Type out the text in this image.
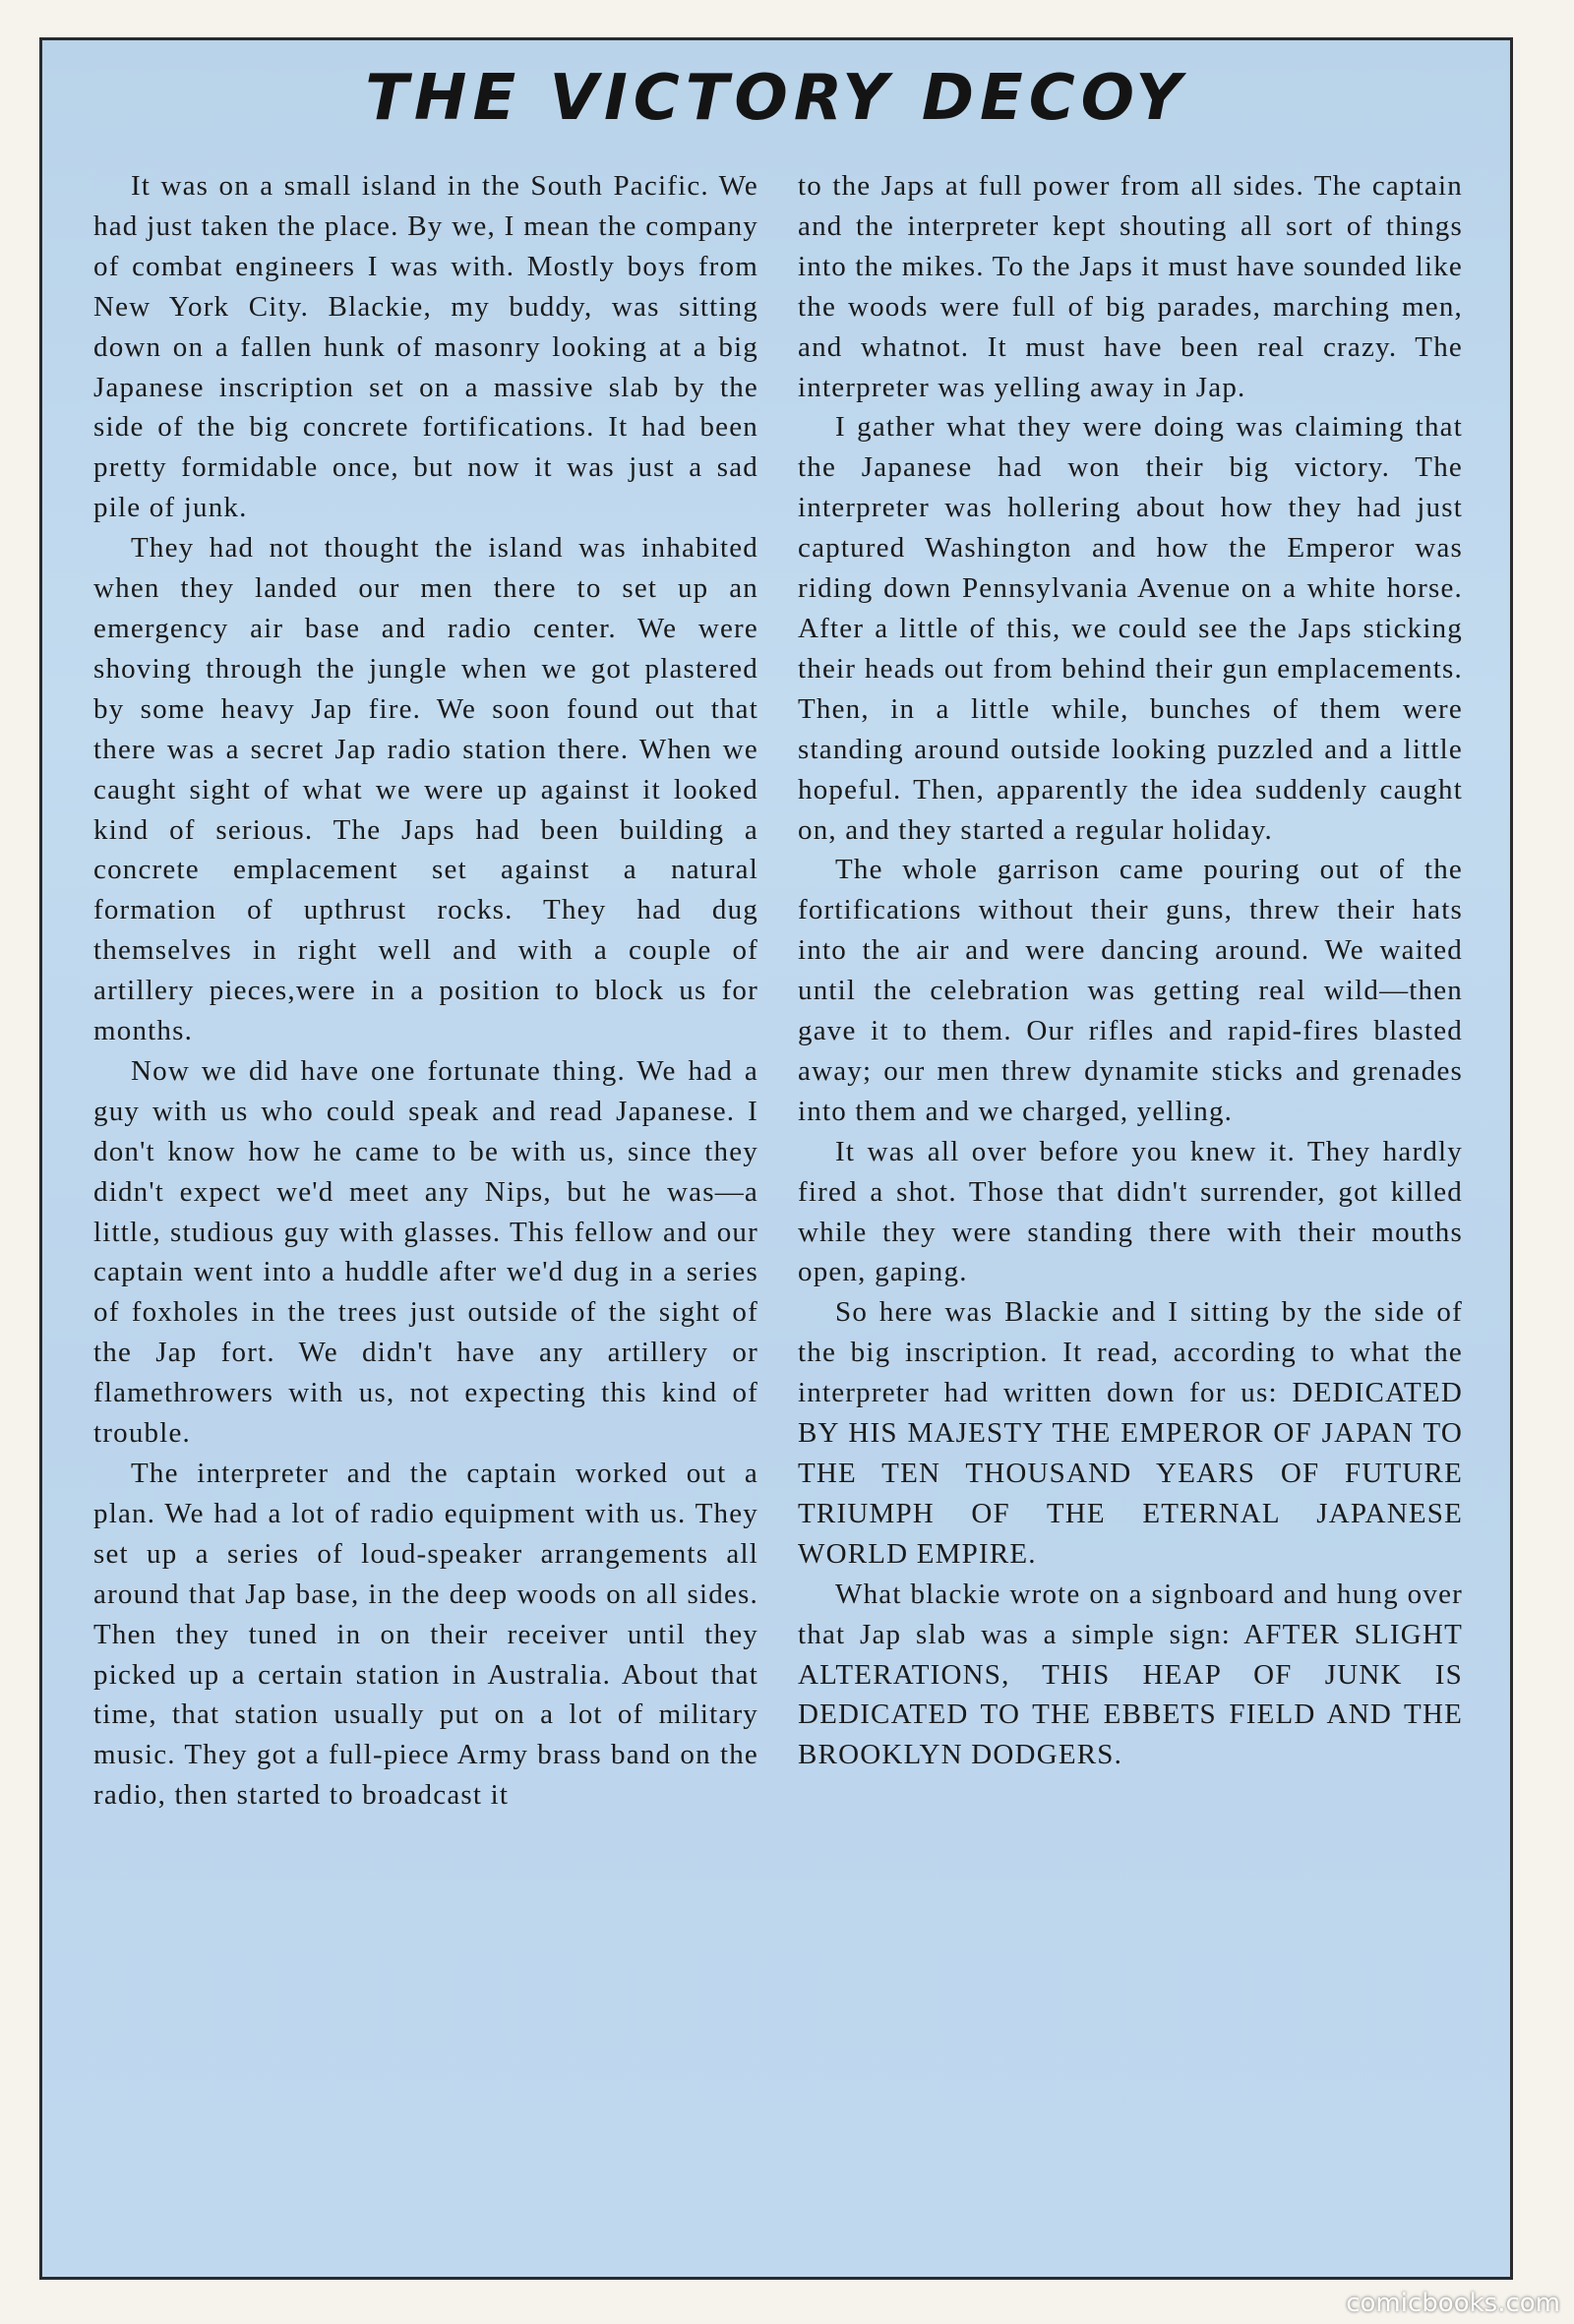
THE VICTORY DECOY

It was on a small island in the South Pacific. We had just taken the place. By we, I mean the company of combat engineers I was with. Mostly boys from New York City. Blackie, my buddy, was sitting down on a fallen hunk of masonry looking at a big Japanese inscription set on a massive slab by the side of the big concrete fortifications. It had been pretty formidable once, but now it was just a sad pile of junk.

They had not thought the island was inhabited when they landed our men there to set up an emergency air base and radio center. We were shoving through the jungle when we got plastered by some heavy Jap fire. We soon found out that there was a secret Jap radio station there. When we caught sight of what we were up against it looked kind of serious. The Japs had been building a concrete emplacement set against a natural formation of upthrust rocks. They had dug themselves in right well and with a couple of artillery pieces,were in a position to block us for months.

Now we did have one fortunate thing. We had a guy with us who could speak and read Japanese. I don't know how he came to be with us, since they didn't expect we'd meet any Nips, but he was—a little, studious guy with glasses. This fellow and our captain went into a huddle after we'd dug in a series of foxholes in the trees just outside of the sight of the Jap fort. We didn't have any artillery or flamethrowers with us, not expecting this kind of trouble.

The interpreter and the captain worked out a plan. We had a lot of radio equipment with us. They set up a series of loud-speaker arrangements all around that Jap base, in the deep woods on all sides. Then they tuned in on their receiver until they picked up a certain station in Australia. About that time, that station usually put on a lot of military music. They got a full-piece Army brass band on the radio, then started to broadcast it

to the Japs at full power from all sides. The captain and the interpreter kept shouting all sort of things into the mikes. To the Japs it must have sounded like the woods were full of big parades, marching men, and whatnot. It must have been real crazy. The interpreter was yelling away in Jap.

I gather what they were doing was claiming that the Japanese had won their big victory. The interpreter was hollering about how they had just captured Washington and how the Emperor was riding down Pennsylvania Avenue on a white horse. After a little of this, we could see the Japs sticking their heads out from behind their gun emplacements. Then, in a little while, bunches of them were standing around outside looking puzzled and a little hopeful. Then, apparently the idea suddenly caught on, and they started a regular holiday.

The whole garrison came pouring out of the fortifications without their guns, threw their hats into the air and were dancing around. We waited until the celebration was getting real wild—then gave it to them. Our rifles and rapid-fires blasted away; our men threw dynamite sticks and grenades into them and we charged, yelling.

It was all over before you knew it. They hardly fired a shot. Those that didn't surrender, got killed while they were standing there with their mouths open, gaping.

So here was Blackie and I sitting by the side of the big inscription. It read, according to what the interpreter had written down for us: DEDICATED BY HIS MAJESTY THE EMPEROR OF JAPAN TO THE TEN THOUSAND YEARS OF FUTURE TRIUMPH OF THE ETERNAL JAPANESE WORLD EMPIRE.

What blackie wrote on a signboard and hung over that Jap slab was a simple sign: AFTER SLIGHT ALTERATIONS, THIS HEAP OF JUNK IS DEDICATED TO THE EBBETS FIELD AND THE BROOKLYN DODGERS.

comicbooks.com
